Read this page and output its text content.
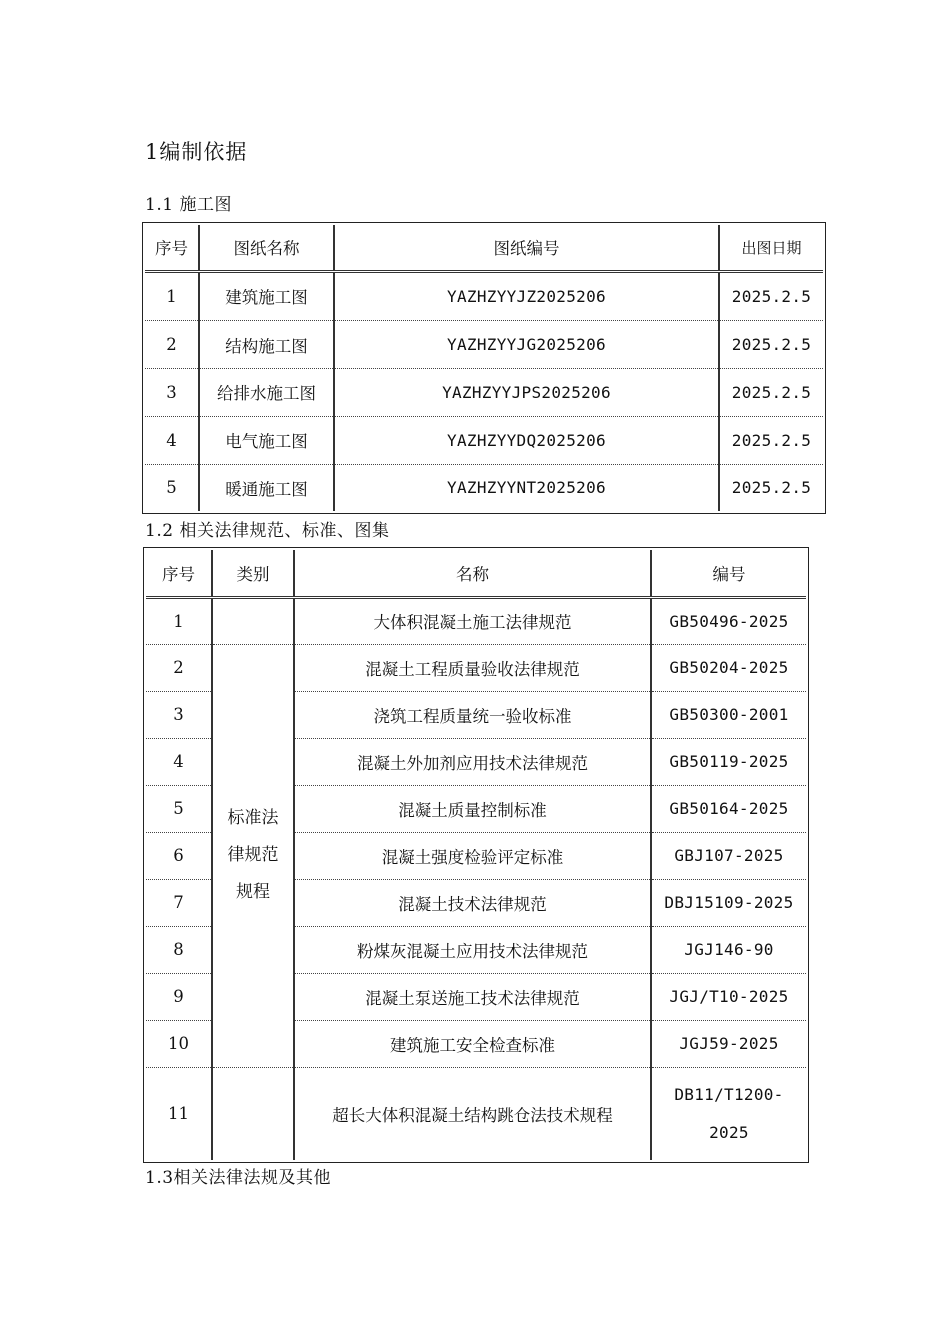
1编制依据
1.1 施工图
序号	图纸名称	图纸编号	出图日期
1	建筑施工图	YAZHZYYJZ2025206	2025.2.5
2	结构施工图	YAZHZYYJG2025206	2025.2.5
3	给排水施工图	YAZHZYYJPS2025206	2025.2.5
4	电气施工图	YAZHZYYDQ2025206	2025.2.5
5	暖通施工图	YAZHZYYNT2025206	2025.2.5
1.2 相关法律规范、标准、图集
序号	类别	名称	编号
1		大体积混凝土施工法律规范	GB50496-2025
2	标准法
律规范
规程	混凝土工程质量验收法律规范	GB50204-2025
3		浇筑工程质量统一验收标准	GB50300-2001
4		混凝土外加剂应用技术法律规范	GB50119-2025
5		混凝土质量控制标准	GB50164-2025
6		混凝土强度检验评定标准	GBJ107-2025
7		混凝土技术法律规范	DBJ15109-2025
8		粉煤灰混凝土应用技术法律规范	JGJ146-90
9		混凝土泵送施工技术法律规范	JGJ/T10-2025
10		建筑施工安全检查标准	JGJ59-2025
11		超长大体积混凝土结构跳仓法技术规程	DB11/T1200-
2025
1.3相关法律法规及其他
